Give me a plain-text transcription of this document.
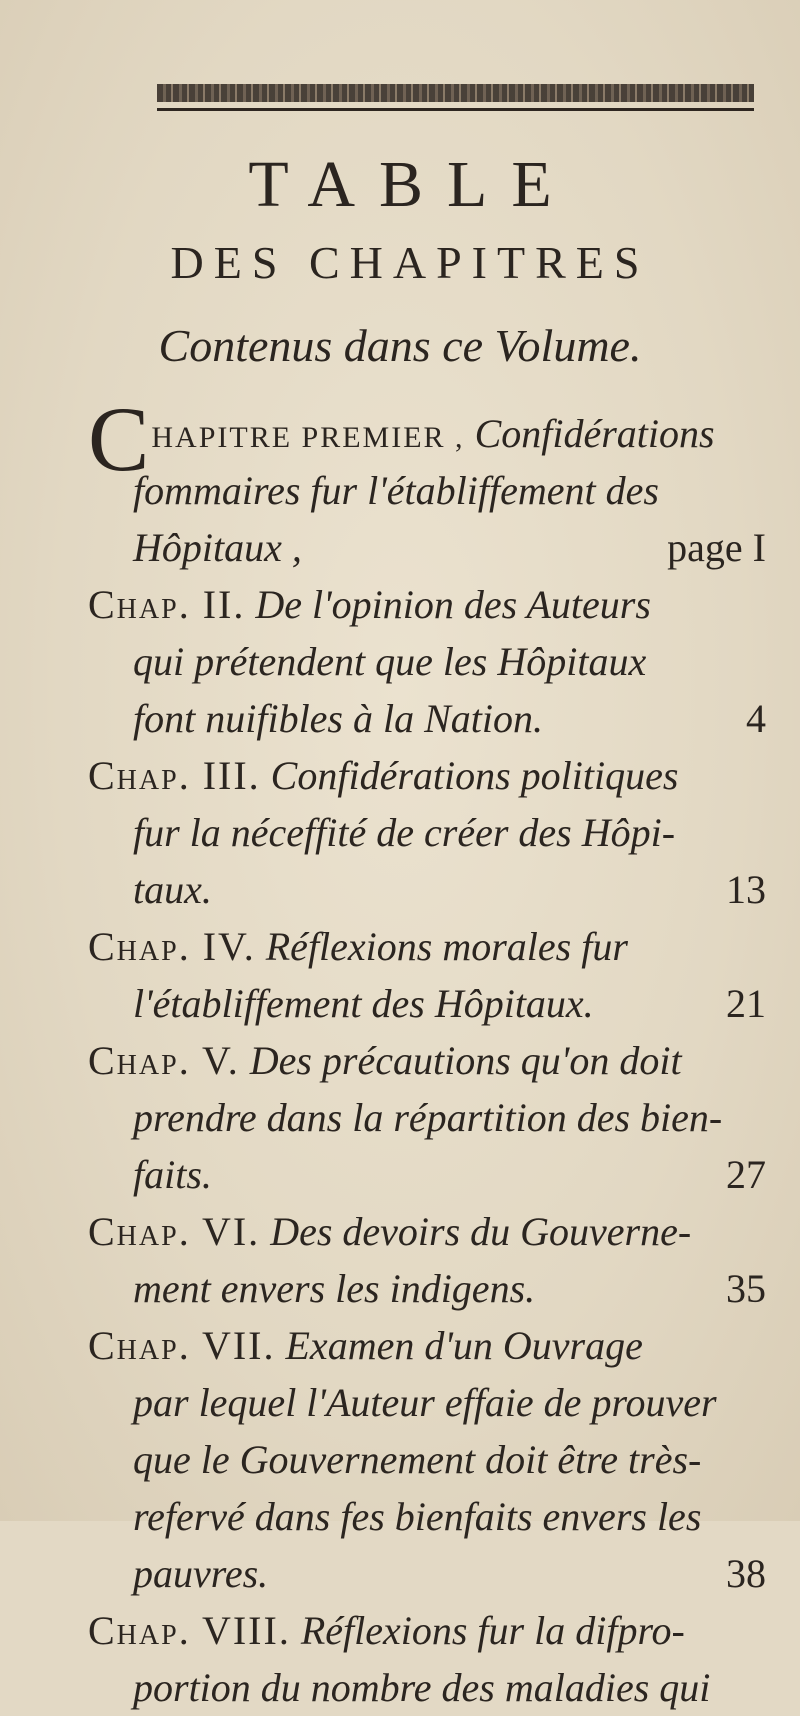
TABLE
DES CHAPITRES
Contenus dans ce Volume.
CHAPITRE PREMIER , Confidérations
fommaires fur l'établiffement des
Hôpitaux ,	page I
Chap. II. De l'opinion des Auteurs
qui prétendent que les Hôpitaux
font nuifibles à la Nation.	4
Chap. III. Confidérations politiques
fur la néceffité de créer des Hôpi-
taux.	13
Chap. IV. Réflexions morales fur
l'établiffement des Hôpitaux.	21
Chap. V. Des précautions qu'on doit
prendre dans la répartition des bien-
faits.	27
Chap. VI. Des devoirs du Gouverne-
ment envers les indigens.	35
Chap. VII. Examen d'un Ouvrage
par lequel l'Auteur effaie de prouver
que le Gouvernement doit être très-
refervé dans fes bienfaits envers les
pauvres.	38
Chap. VIII. Réflexions fur la difpro-
portion du nombre des maladies qui
